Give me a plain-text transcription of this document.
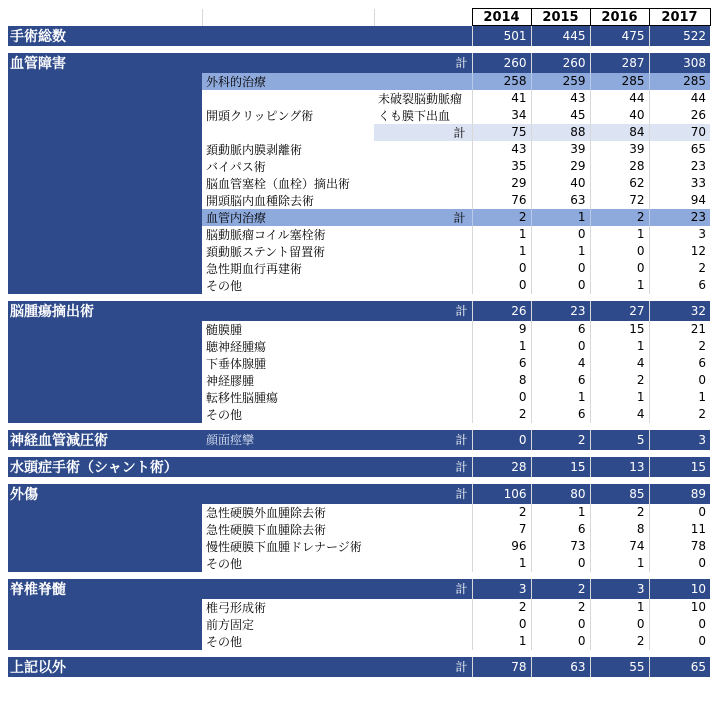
			2014	2015	2016	2017
手術総数			501	445	475	522

血管障害		計	260	260	287	308
	外科的治療		258	259	285	285
	開頭クリッピング術	未破裂脳動脈瘤	41	43	44	44
		くも膜下出血	34	45	40	26
		計	75	88	84	70
	頚動脈内膜剥離術		43	39	39	65
	バイパス術		35	29	28	23
	脳血管塞栓（血栓）摘出術		29	40	62	33
	開頭脳内血種除去術		76	63	72	94
	血管内治療	計	2	1	2	23
	脳動脈瘤コイル塞栓術		1	0	1	3
	頚動脈ステント留置術		1	1	0	12
	急性期血行再建術		0	0	0	2
	その他		0	0	1	6

脳腫瘍摘出術		計	26	23	27	32
	髄膜腫		9	6	15	21
	聴神経腫瘍		1	0	1	2
	下垂体腺腫		6	4	4	6
	神経膠腫		8	6	2	0
	転移性脳腫瘍		0	1	1	1
	その他		2	6	4	2

神経血管減圧術	顔面痙攣	計	0	2	5	3

水頭症手術（シャント術）		計	28	15	13	15

外傷		計	106	80	85	89
	急性硬膜外血腫除去術		2	1	2	0
	急性硬膜下血腫除去術		7	6	8	11
	慢性硬膜下血腫ドレナージ術		96	73	74	78
	その他		1	0	1	0

脊椎脊髄		計	3	2	3	10
	椎弓形成術		2	2	1	10
	前方固定		0	0	0	0
	その他		1	0	2	0

上記以外		計	78	63	55	65
